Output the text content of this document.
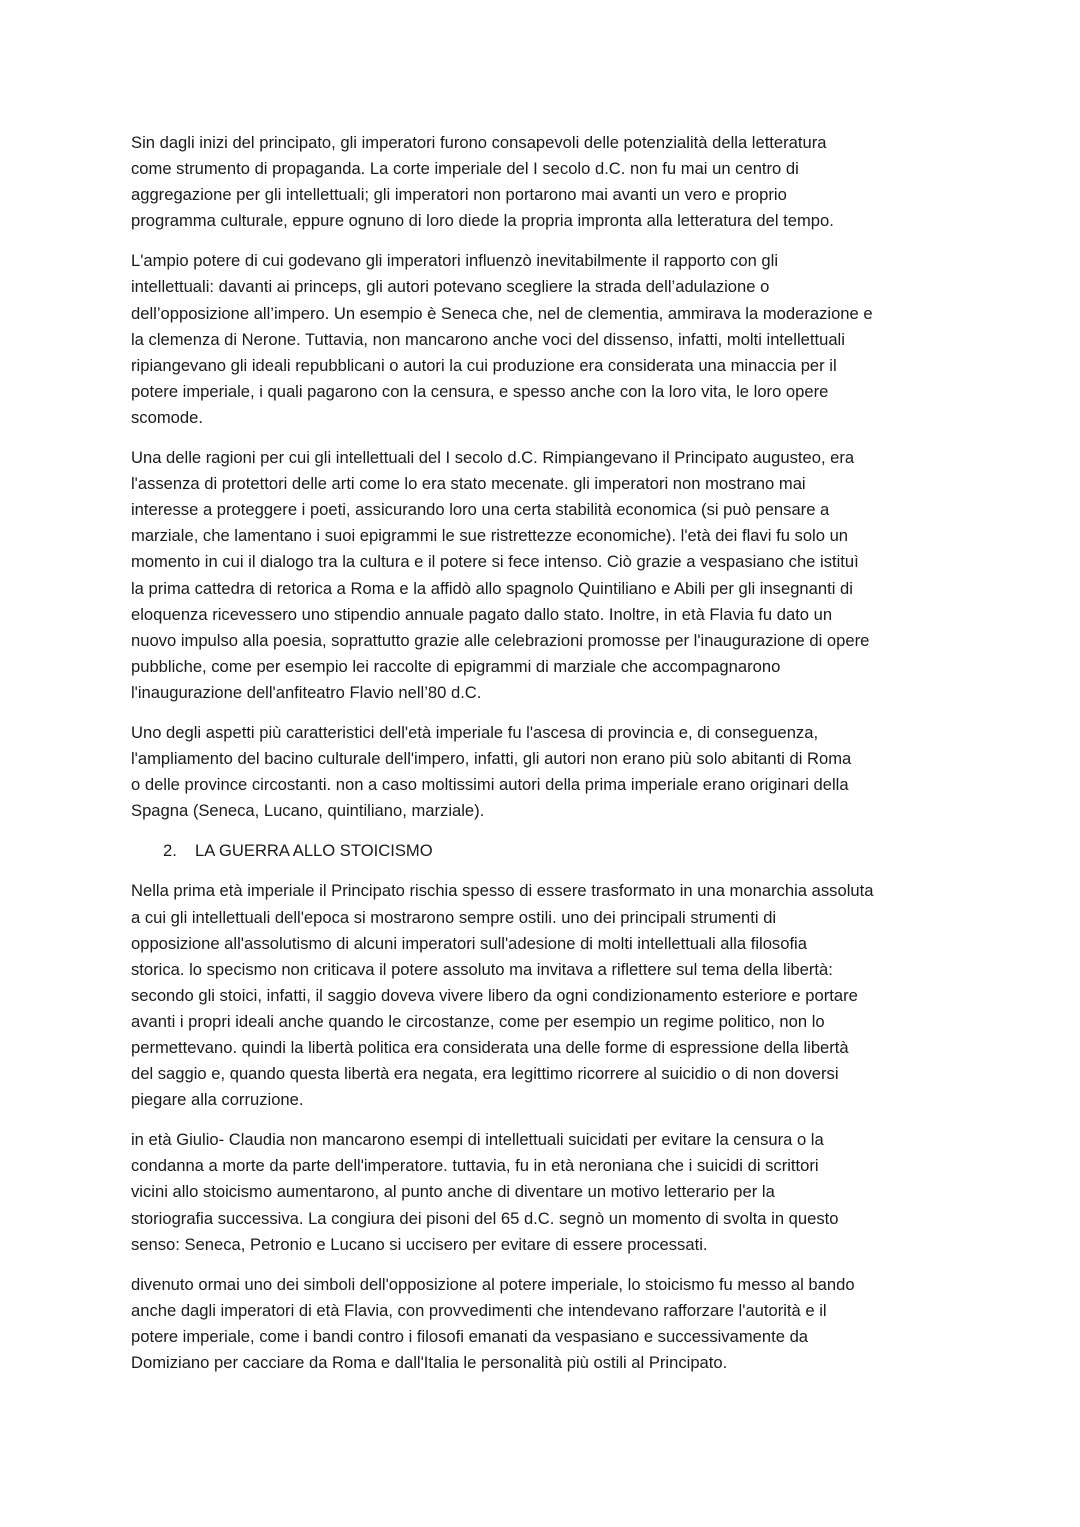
Sin dagli inizi del principato, gli imperatori furono consapevoli delle potenzialità della letteratura
come strumento di propaganda. La corte imperiale del I secolo d.C. non fu mai un centro di
aggregazione per gli intellettuali; gli imperatori non portarono mai avanti un vero e proprio
programma culturale, eppure ognuno di loro diede la propria impronta alla letteratura del tempo.

L'ampio potere di cui godevano gli imperatori influenzò inevitabilmente il rapporto con gli
intellettuali: davanti ai princeps, gli autori potevano scegliere la strada dell’adulazione o
dell’opposizione all’impero. Un esempio è Seneca che, nel de clementia, ammirava la moderazione e
la clemenza di Nerone. Tuttavia, non mancarono anche voci del dissenso, infatti, molti intellettuali
ripiangevano gli ideali repubblicani o autori la cui produzione era considerata una minaccia per il
potere imperiale, i quali pagarono con la censura, e spesso anche con la loro vita, le loro opere
scomode.

Una delle ragioni per cui gli intellettuali del I secolo d.C. Rimpiangevano il Principato augusteo, era
l'assenza di protettori delle arti come lo era stato mecenate. gli imperatori non mostrano mai
interesse a proteggere i poeti, assicurando loro una certa stabilità economica (si può pensare a
marziale, che lamentano i suoi epigrammi le sue ristrettezze economiche). l'età dei flavi fu solo un
momento in cui il dialogo tra la cultura e il potere si fece intenso. Ciò grazie a vespasiano che istituì
la prima cattedra di retorica a Roma e la affidò allo spagnolo Quintiliano e Abili per gli insegnanti di
eloquenza ricevessero uno stipendio annuale pagato dallo stato. Inoltre, in età Flavia fu dato un
nuovo impulso alla poesia, soprattutto grazie alle celebrazioni promosse per l'inaugurazione di opere
pubbliche, come per esempio lei raccolte di epigrammi di marziale che accompagnarono
l'inaugurazione dell'anfiteatro Flavio nell’80 d.C.

Uno degli aspetti più caratteristici dell'età imperiale fu l'ascesa di provincia e, di conseguenza,
l'ampliamento del bacino culturale dell'impero, infatti, gli autori non erano più solo abitanti di Roma
o delle province circostanti. non a caso moltissimi autori della prima imperiale erano originari della
Spagna (Seneca, Lucano, quintiliano, marziale).

2. LA GUERRA ALLO STOICISMO

Nella prima età imperiale il Principato rischia spesso di essere trasformato in una monarchia assoluta
a cui gli intellettuali dell'epoca si mostrarono sempre ostili. uno dei principali strumenti di
opposizione all'assolutismo di alcuni imperatori sull'adesione di molti intellettuali alla filosofia
storica. lo specismo non criticava il potere assoluto ma invitava a riflettere sul tema della libertà:
secondo gli stoici, infatti, il saggio doveva vivere libero da ogni condizionamento esteriore e portare
avanti i propri ideali anche quando le circostanze, come per esempio un regime politico, non lo
permettevano. quindi la libertà politica era considerata una delle forme di espressione della libertà
del saggio e, quando questa libertà era negata, era legittimo ricorrere al suicidio o di non doversi
piegare alla corruzione.

in età Giulio- Claudia non mancarono esempi di intellettuali suicidati per evitare la censura o la
condanna a morte da parte dell'imperatore. tuttavia, fu in età neroniana che i suicidi di scrittori
vicini allo stoicismo aumentarono, al punto anche di diventare un motivo letterario per la
storiografia successiva. La congiura dei pisoni del 65 d.C. segnò un momento di svolta in questo
senso: Seneca, Petronio e Lucano si uccisero per evitare di essere processati.

divenuto ormai uno dei simboli dell'opposizione al potere imperiale, lo stoicismo fu messo al bando
anche dagli imperatori di età Flavia, con provvedimenti che intendevano rafforzare l'autorità e il
potere imperiale, come i bandi contro i filosofi emanati da vespasiano e successivamente da
Domiziano per cacciare da Roma e dall'Italia le personalità più ostili al Principato.
